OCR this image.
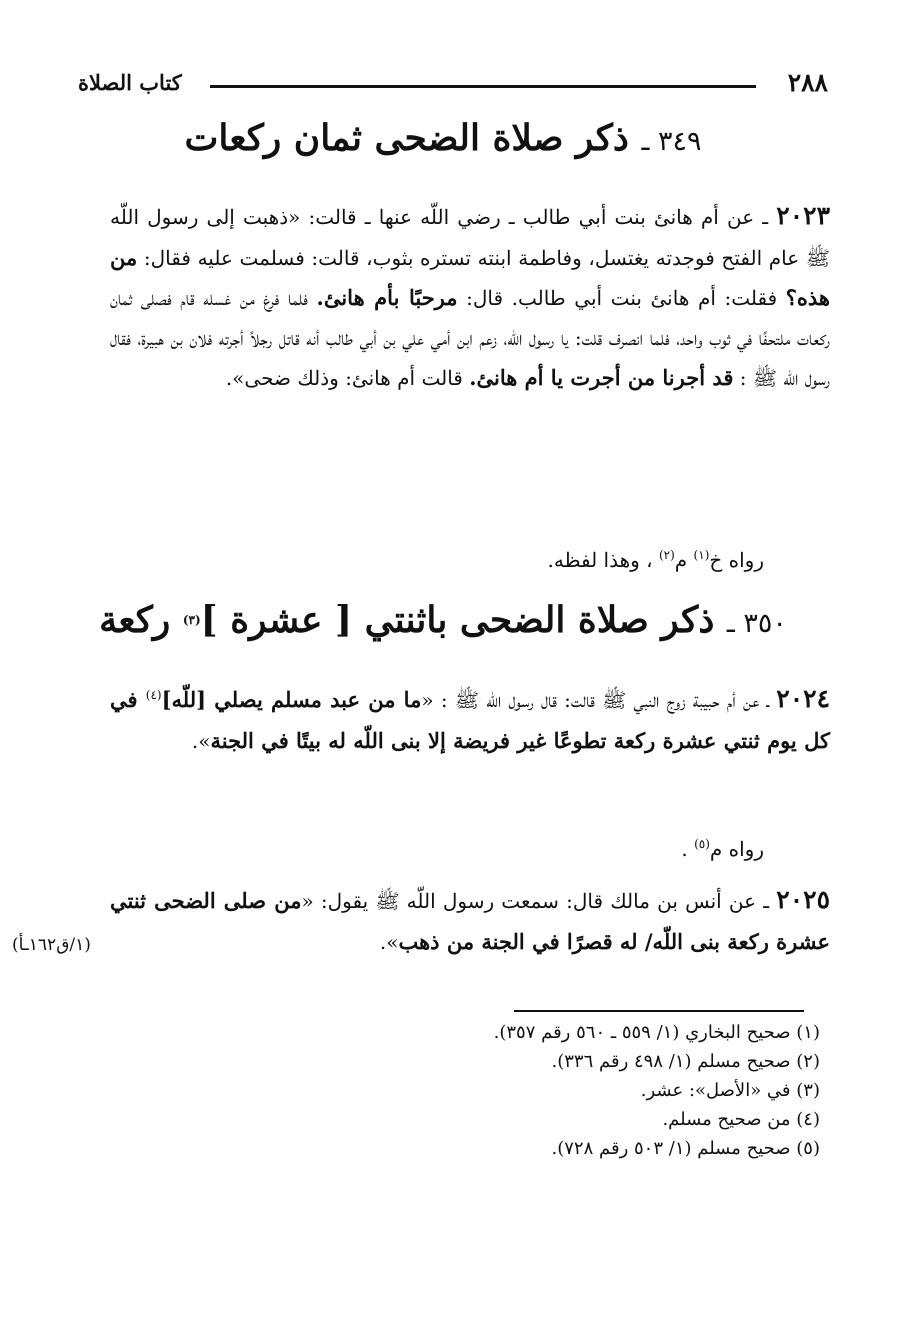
٢٨٨
كتاب الصلاة
٣٤٩ ـ ذكر صلاة الضحى ثمان ركعات

٢٠٢٣ ـ عن أم هانئ بنت أبي طالب ـ رضي اللّه عنها ـ قالت: «ذهبت إلى رسول اللّه ﷺ عام الفتح فوجدته يغتسل، وفاطمة ابنته تستره بثوب، قالت: فسلمت عليه فقال: من هذه؟ فقلت: أم هانئ بنت أبي طالب. قال: مرحبًا بأم هانئ. فلما فرغ من غسله قام فصلى ثمان ركعات ملتحفًا في ثوب واحد، فلما انصرف قلت: يا رسول اللّه، زعم ابن أمي علي بن أبي طالب أنه قاتل رجلاً أجرته فلان بن هبيرة، فقال رسول اللّه ﷺ : قد أجرنا من أجرت يا أم هانئ. قالت أم هانئ: وذلك ضحى».

رواه خ$^{(١)}$ م$^{(٢)}$ ، وهذا لفظه.
٣٥٠ ـ ذكر صلاة الضحى باثنتي [ عشرة ]$^{(٣)}$ ركعة

٢٠٢٤ ـ عن أم حبيبة زوج النبي ﷺ قالت: قال رسول اللّه ﷺ : «ما من عبد مسلم يصلي [للّه]$^{(٤)}$ في كل يوم ثنتي عشرة ركعة تطوعًا غير فريضة إلا بنى اللّه له بيتًا في الجنة».

رواه م$^{(٥)}$ .

٢٠٢٥ ـ عن أنس بن مالك قال: سمعت رسول اللّه ﷺ يقول: «من صلى الضحى ثنتي عشرة ركعة بنى اللّه/ له قصرًا في الجنة من ذهب».

(١/ق١٦٢ـأ)
(١) صحيح البخاري (١/ ٥٥٩ ـ ٥٦٠ رقم ٣٥٧).
(٢) صحيح مسلم (١/ ٤٩٨ رقم ٣٣٦).
(٣) في «الأصل»: عشر.
(٤) من صحيح مسلم.
(٥) صحيح مسلم (١/ ٥٠٣ رقم ٧٢٨).
